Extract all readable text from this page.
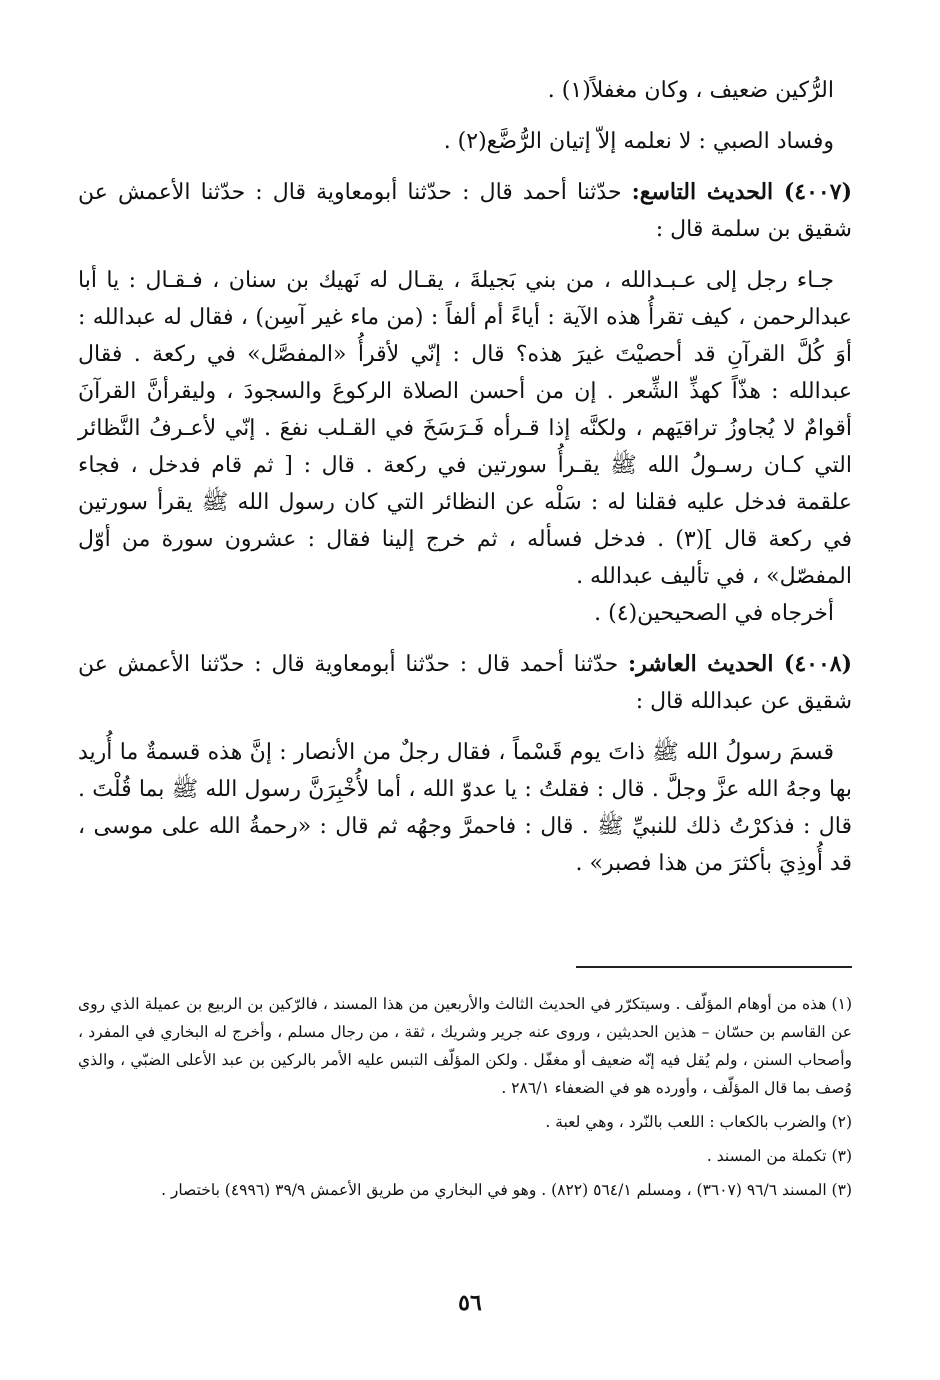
الرُّكين ضعيف ، وكان مغفلاً(١) .

وفساد الصبي : لا نعلمه إلاّ إتيان الرُّضَّع(٢) .

(٤٠٠٧) الحديث التاسع: حدّثنا أحمد قال : حدّثنا أبومعاوية قال : حدّثنا الأعمش عن شقيق بن سلمة قال :

جـاء رجل إلى عـبـدالله ، من بني بَجيلةَ ، يقـال له نَهيك بن سنان ، فـقـال : يا أبا عبدالرحمن ، كيف تقرأُ هذه الآية : أياءً أم ألفاً : (من ماء غير آسِن) ، فقال له عبدالله : أوَ كُلَّ القرآنِ قد أحصيْتَ غيرَ هذه؟ قال : إنّي لأقرأُ «المفصَّل» في ركعة . فقال عبدالله : هذّاً كهذِّ الشِّعر . إن من أحسن الصلاة الركوعَ والسجودَ ، وليقرأنَّ القرآنَ أقوامٌ لا يُجاوزُ تراقيَهم ، ولكنَّه إذا قـرأه فَـرَسَخَ في القـلب نفعَ . إنّي لأعـرفُ النَّظائر التي كـان رسـولُ الله ﷺ يقـرأُ سورتين في ركعة . قال : [ ثم قام فدخل ، فجاء علقمة فدخل عليه فقلنا له : سَلْه عن النظائر التي كان رسول الله ﷺ يقرأ سورتين في ركعة قال ](٣) . فدخل فسأله ، ثم خرج إلينا فقال : عشرون سورة من أوّل المفصّل» ، في تأليف عبدالله .

أخرجاه في الصحيحين(٤) .

(٤٠٠٨) الحديث العاشر: حدّثنا أحمد قال : حدّثنا أبومعاوية قال : حدّثنا الأعمش عن شقيق عن عبدالله قال :

قسمَ رسولُ الله ﷺ ذاتَ يوم قَسْماً ، فقال رجلٌ من الأنصار : إنَّ هذه قسمةٌ ما أُريد بها وجهُ الله عزَّ وجلَّ . قال : فقلتُ : يا عدوّ الله ، أما لأُخْبِرَنَّ رسول الله ﷺ بما قُلْتَ . قال : فذكرْتُ ذلك للنبيِّ ﷺ . قال : فاحمرَّ وجهُه ثم قال : «رحمةُ الله على موسى ، قد أُوذِيَ بأكثرَ من هذا فصبر» .

(١) هذه من أوهام المؤلّف . وسيتكرّر في الحديث الثالث والأربعين من هذا المسند ، فالرّكين بن الربيع بن عميلة الذي روى عن القاسم بن حسّان – هذين الحديثين ، وروى عنه جرير وشريك ، ثقة ، من رجال مسلم ، وأخرج له البخاري في المفرد ، وأصحاب السنن ، ولم يُقل فيه إنّه ضعيف أو مغفّل . ولكن المؤلّف التبس عليه الأمر بالركين بن عبد الأعلى الضبّي ، والذي وُصف بما قال المؤلّف ، وأورده هو في الضعفاء ٢٨٦/١ .

(٢) والضرب بالكعاب : اللعب بالنّرد ، وهي لعبة .

(٣) تكملة من المسند .

(٣) المسند ٩٦/٦ (٣٦٠٧) ، ومسلم ٥٦٤/١ (٨٢٢) . وهو في البخاري من طريق الأعمش ٣٩/٩ (٤٩٩٦) باختصار .

٥٦
